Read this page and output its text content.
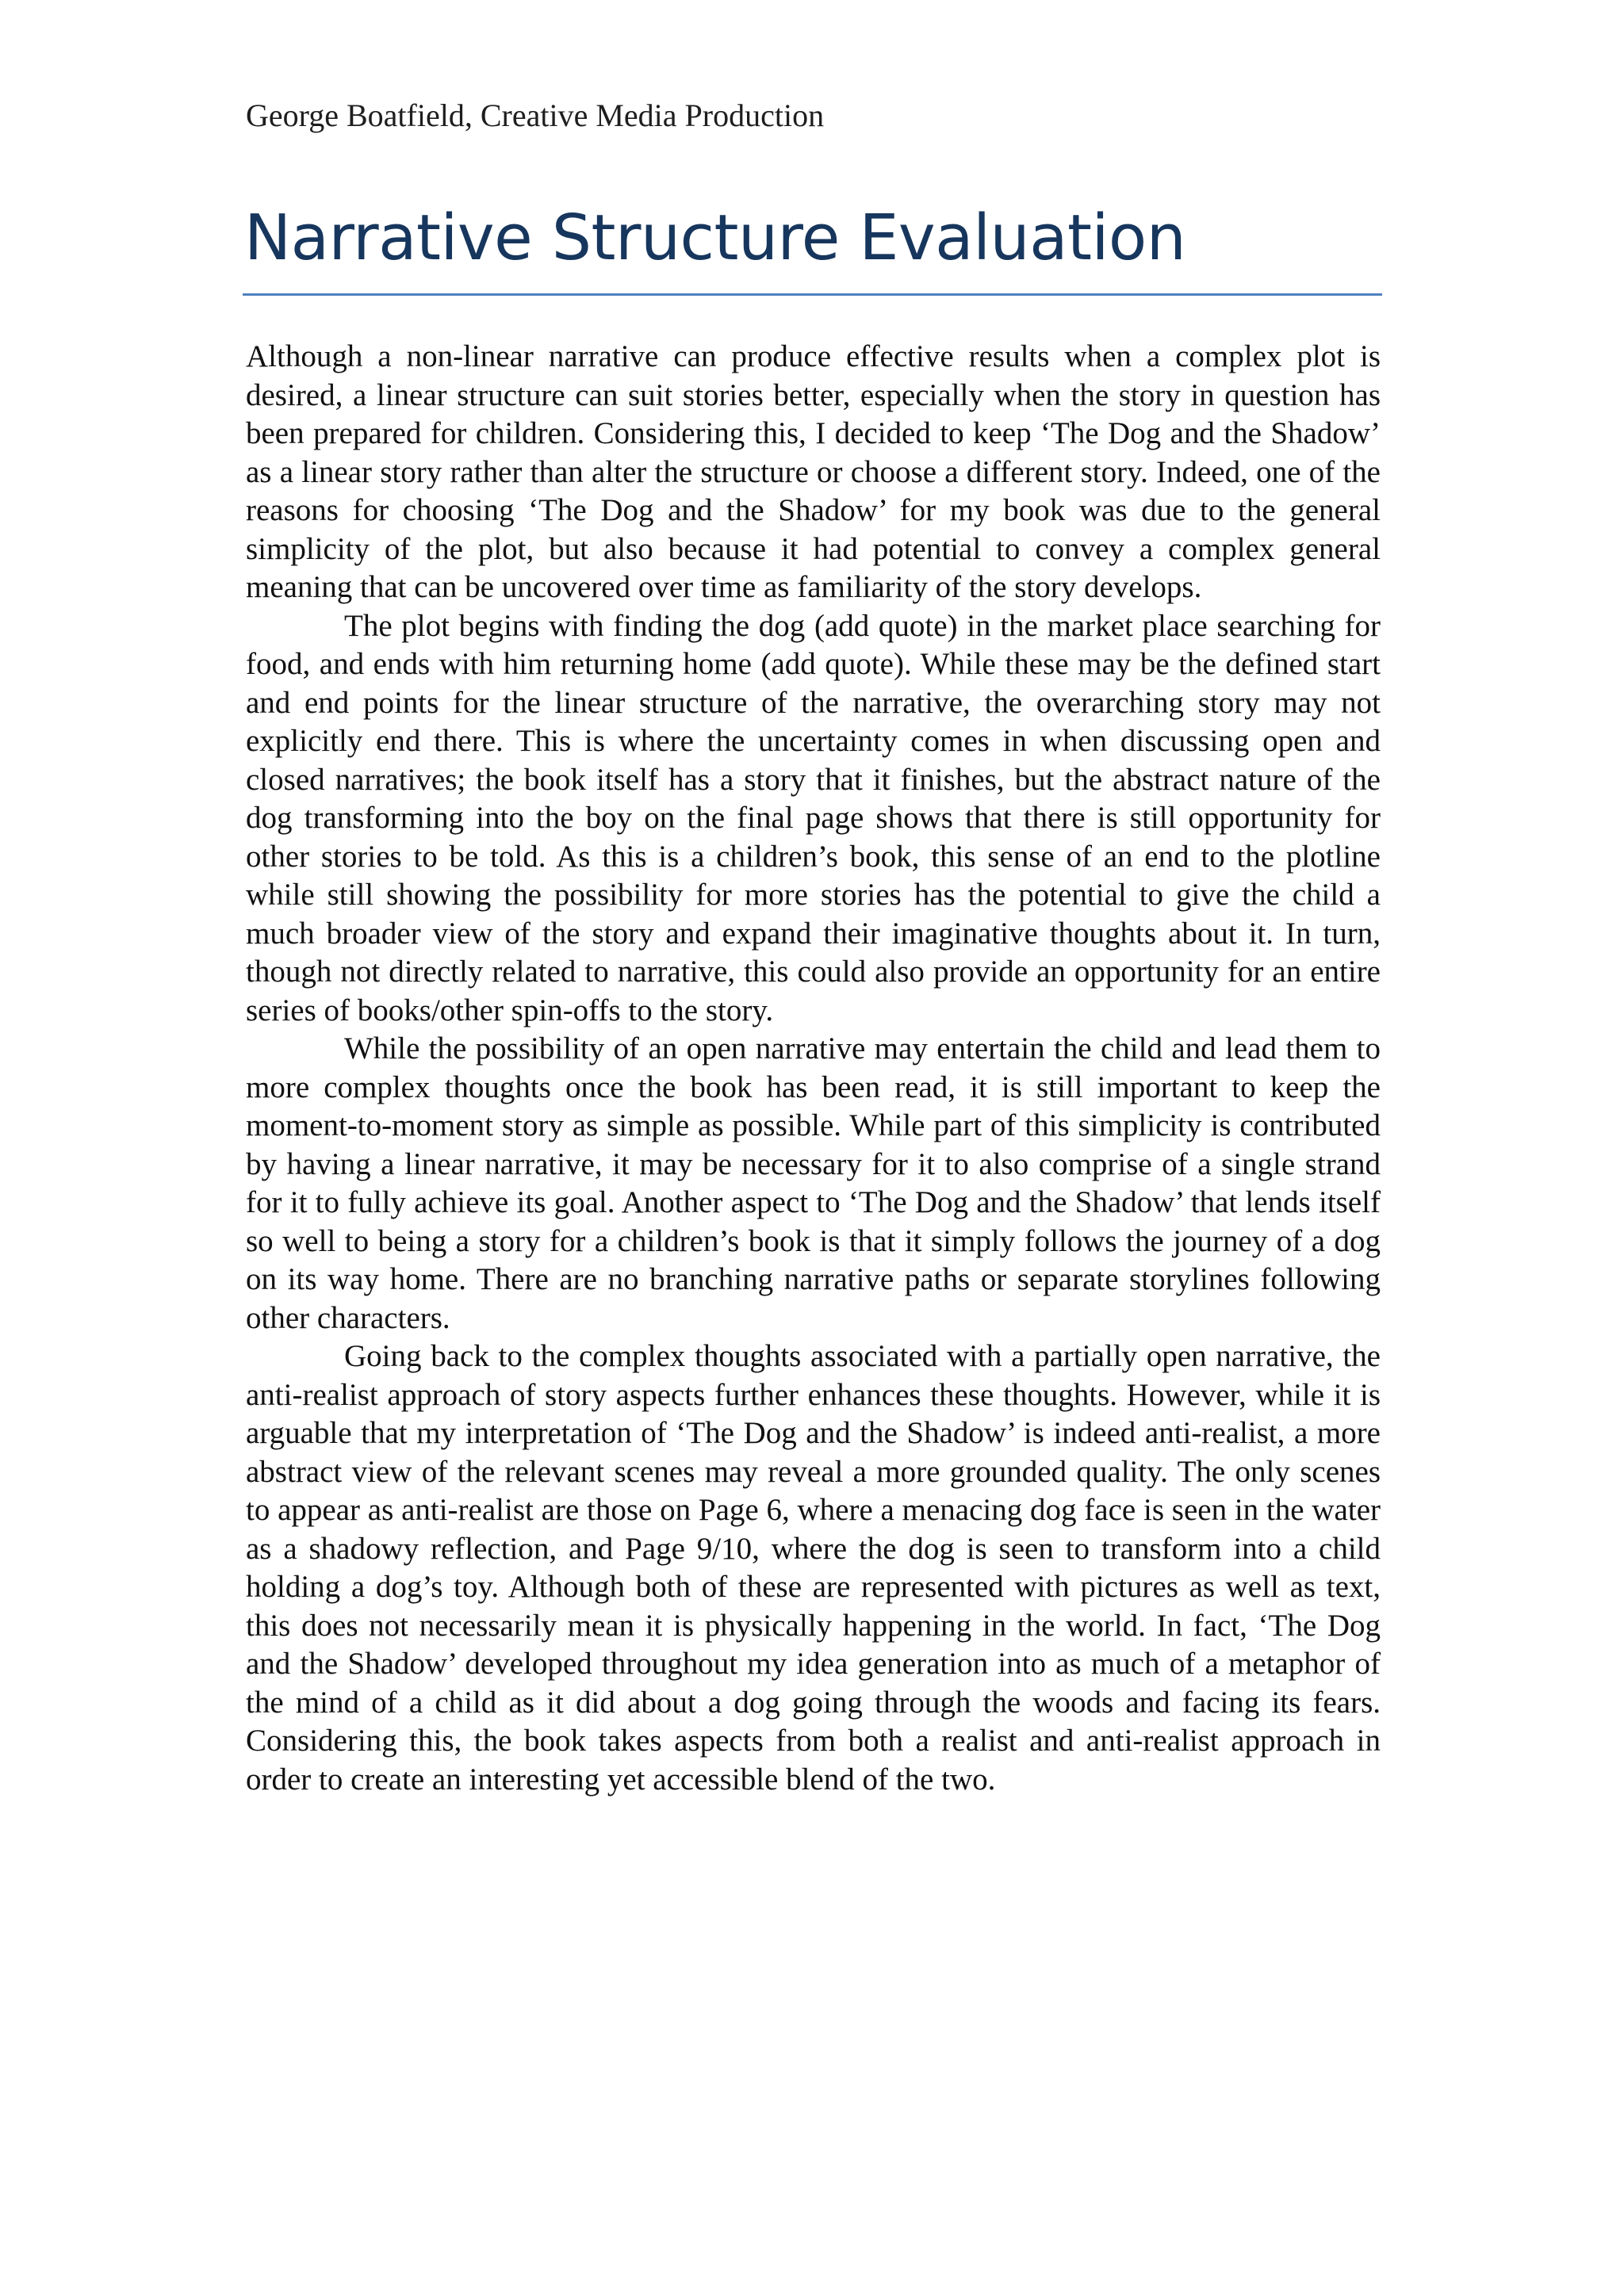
George Boatfield, Creative Media Production
Narrative Structure Evaluation

Although a non-linear narrative can produce effective results when a complex plot is desired, a linear structure can suit stories better, especially when the story in question has been prepared for children. Considering this, I decided to keep ‘The Dog and the Shadow’ as a linear story rather than alter the structure or choose a different story. Indeed, one of the reasons for choosing ‘The Dog and the Shadow’ for my book was due to the general simplicity of the plot, but also because it had potential to convey a complex general meaning that can be uncovered over time as familiarity of the story develops.

The plot begins with finding the dog (add quote) in the market place searching for food, and ends with him returning home (add quote). While these may be the defined start and end points for the linear structure of the narrative, the overarching story may not explicitly end there. This is where the uncertainty comes in when discussing open and closed narratives; the book itself has a story that it finishes, but the abstract nature of the dog transforming into the boy on the final page shows that there is still opportunity for other stories to be told. As this is a children’s book, this sense of an end to the plotline while still showing the possibility for more stories has the potential to give the child a much broader view of the story and expand their imaginative thoughts about it. In turn, though not directly related to narrative, this could also provide an opportunity for an entire series of books/other spin-offs to the story.

While the possibility of an open narrative may entertain the child and lead them to more complex thoughts once the book has been read, it is still important to keep the moment-to-moment story as simple as possible. While part of this simplicity is contributed by having a linear narrative, it may be necessary for it to also comprise of a single strand for it to fully achieve its goal. Another aspect to ‘The Dog and the Shadow’ that lends itself so well to being a story for a children’s book is that it simply follows the journey of a dog on its way home. There are no branching narrative paths or separate storylines following other characters.

Going back to the complex thoughts associated with a partially open narrative, the anti-realist approach of story aspects further enhances these thoughts. However, while it is arguable that my interpretation of ‘The Dog and the Shadow’ is indeed anti-realist, a more abstract view of the relevant scenes may reveal a more grounded quality. The only scenes to appear as anti-realist are those on Page 6, where a menacing dog face is seen in the water as a shadowy reflection, and Page 9/10, where the dog is seen to transform into a child holding a dog’s toy. Although both of these are represented with pictures as well as text, this does not necessarily mean it is physically happening in the world. In fact, ‘The Dog and the Shadow’ developed throughout my idea generation into as much of a metaphor of the mind of a child as it did about a dog going through the woods and facing its fears. Considering this, the book takes aspects from both a realist and anti-realist approach in order to create an interesting yet accessible blend of the two.
